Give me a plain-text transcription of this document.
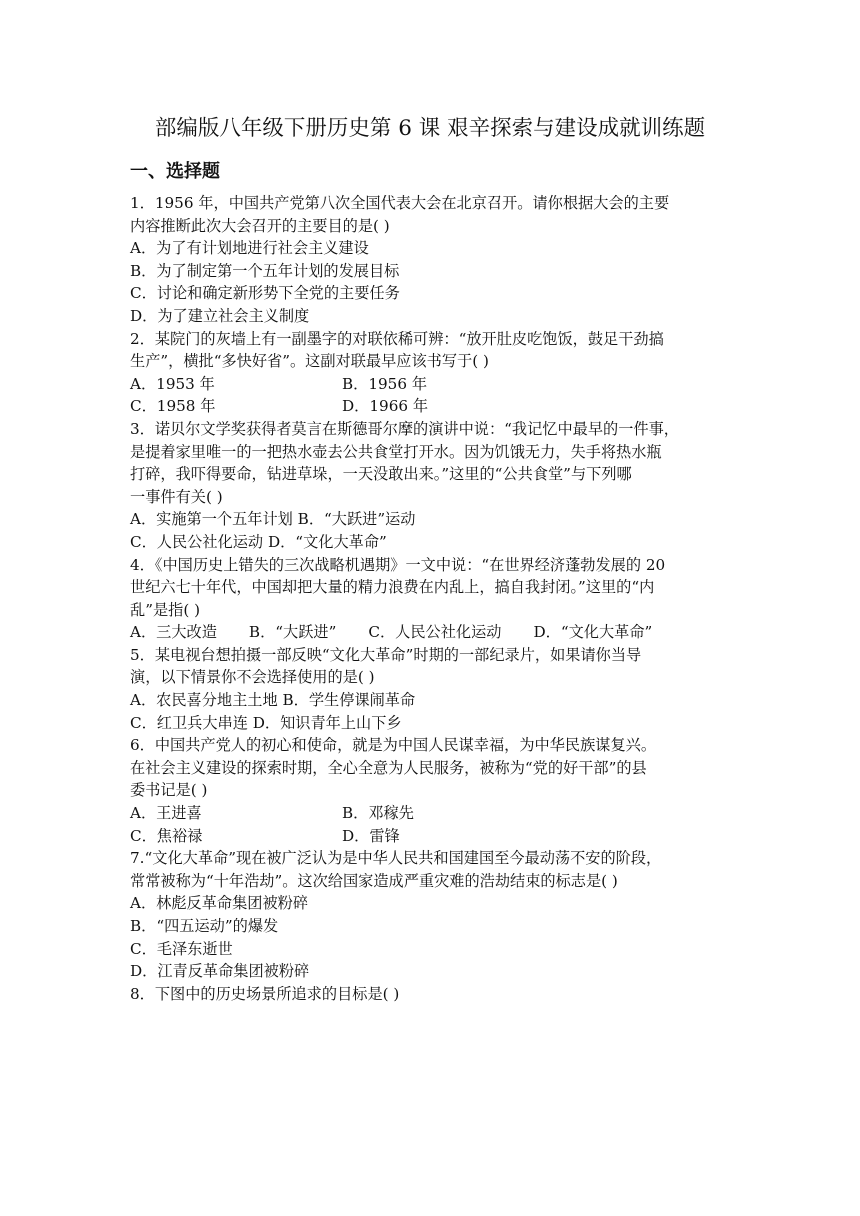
部编版八年级下册历史第 6 课 艰辛探索与建设成就训练题
一、选择题
1．1956 年，中国共产党第八次全国代表大会在北京召开。请你根据大会的主要
内容推断此次大会召开的主要目的是( )
A．为了有计划地进行社会主义建设
B．为了制定第一个五年计划的发展目标
C．讨论和确定新形势下全党的主要任务
D．为了建立社会主义制度
2．某院门的灰墙上有一副墨字的对联依稀可辨：“放开肚皮吃饱饭，鼓足干劲搞
生产”，横批“多快好省”。这副对联最早应该书写于( )
A．1953 年	B．1956 年
C．1958 年	D．1966 年
3．诺贝尔文学奖获得者莫言在斯德哥尔摩的演讲中说：“我记忆中最早的一件事，
是提着家里唯一的一把热水壶去公共食堂打开水。因为饥饿无力，失手将热水瓶
打碎，我吓得要命，钻进草垛，一天没敢出来。”这里的“公共食堂”与下列哪
一事件有关( )
A．实施第一个五年计划 B．“大跃进”运动
C．人民公社化运动 D．“文化大革命”
4．《中国历史上错失的三次战略机遇期》一文中说：“在世界经济蓬勃发展的 20
世纪六七十年代，中国却把大量的精力浪费在内乱上，搞自我封闭。”这里的“内
乱”是指( )
A．三大改造 B．“大跃进” C．人民公社化运动 D．“文化大革命”
5．某电视台想拍摄一部反映“文化大革命”时期的一部纪录片，如果请你当导
演，以下情景你不会选择使用的是( )
A．农民喜分地主土地 B．学生停课闹革命
C．红卫兵大串连 D．知识青年上山下乡
6．中国共产党人的初心和使命，就是为中国人民谋幸福，为中华民族谋复兴。
在社会主义建设的探索时期，全心全意为人民服务，被称为“党的好干部”的县
委书记是( )
A．王进喜	B．邓稼先
C．焦裕禄	D．雷锋
7.“文化大革命”现在被广泛认为是中华人民共和国建国至今最动荡不安的阶段，
常常被称为“十年浩劫”。这次给国家造成严重灾难的浩劫结束的标志是( )
A．林彪反革命集团被粉碎
B．“四五运动”的爆发
C．毛泽东逝世
D．江青反革命集团被粉碎
8．下图中的历史场景所追求的目标是( )
